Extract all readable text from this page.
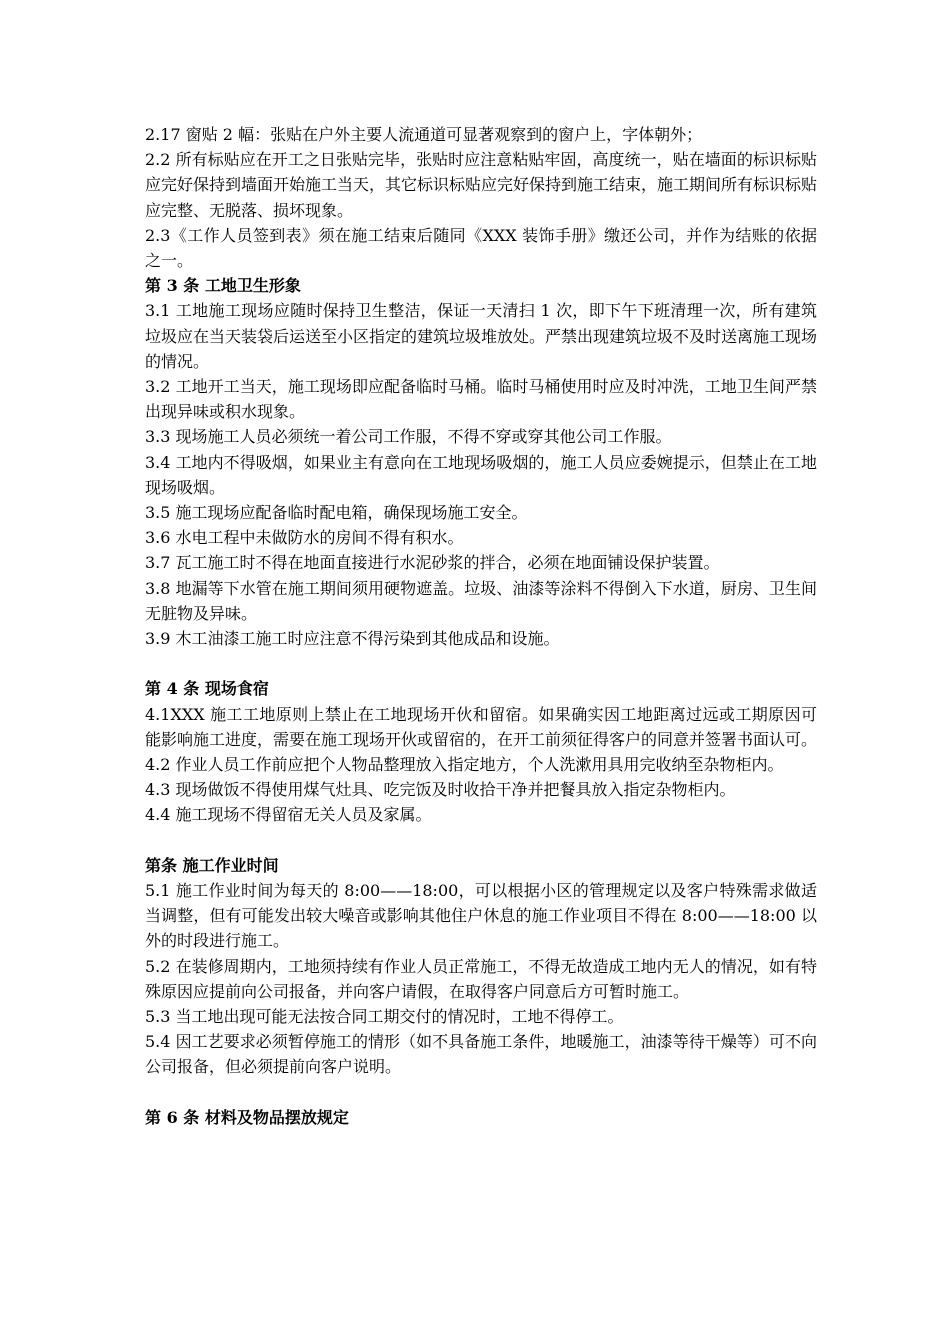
2.17 窗贴 2 幅：张贴在户外主要人流通道可显著观察到的窗户上，字体朝外；

2.2 所有标贴应在开工之日张贴完毕，张贴时应注意粘贴牢固，高度统一，贴在墙面的标识标贴应完好保持到墙面开始施工当天，其它标识标贴应完好保持到施工结束，施工期间所有标识标贴应完整、无脱落、损坏现象。

2.3《工作人员签到表》须在施工结束后随同《XXX 装饰手册》缴还公司，并作为结账的依据之一。

第 3 条 工地卫生形象

3.1 工地施工现场应随时保持卫生整洁，保证一天清扫 1 次，即下午下班清理一次，所有建筑垃圾应在当天装袋后运送至小区指定的建筑垃圾堆放处。严禁出现建筑垃圾不及时送离施工现场的情况。

3.2 工地开工当天，施工现场即应配备临时马桶。临时马桶使用时应及时冲洗，工地卫生间严禁出现异味或积水现象。

3.3 现场施工人员必须统一着公司工作服，不得不穿或穿其他公司工作服。

3.4 工地内不得吸烟，如果业主有意向在工地现场吸烟的，施工人员应委婉提示，但禁止在工地现场吸烟。

3.5 施工现场应配备临时配电箱，确保现场施工安全。

3.6 水电工程中未做防水的房间不得有积水。

3.7 瓦工施工时不得在地面直接进行水泥砂浆的拌合，必须在地面铺设保护装置。

3.8 地漏等下水管在施工期间须用硬物遮盖。垃圾、油漆等涂料不得倒入下水道，厨房、卫生间无脏物及异味。

3.9 木工油漆工施工时应注意不得污染到其他成品和设施。

第 4 条 现场食宿

4.1XXX 施工工地原则上禁止在工地现场开伙和留宿。如果确实因工地距离过远或工期原因可能影响施工进度，需要在施工现场开伙或留宿的，在开工前须征得客户的同意并签署书面认可。

4.2 作业人员工作前应把个人物品整理放入指定地方，个人洗漱用具用完收纳至杂物柜内。

4.3 现场做饭不得使用煤气灶具、吃完饭及时收拾干净并把餐具放入指定杂物柜内。

4.4 施工现场不得留宿无关人员及家属。

第条 施工作业时间

5.1 施工作业时间为每天的 8:00——18:00，可以根据小区的管理规定以及客户特殊需求做适当调整，但有可能发出较大噪音或影响其他住户休息的施工作业项目不得在 8:00——18:00 以外的时段进行施工。

5.2 在装修周期内，工地须持续有作业人员正常施工，不得无故造成工地内无人的情况，如有特殊原因应提前向公司报备，并向客户请假，在取得客户同意后方可暂时施工。

5.3 当工地出现可能无法按合同工期交付的情况时，工地不得停工。

5.4 因工艺要求必须暂停施工的情形（如不具备施工条件，地暖施工，油漆等待干燥等）可不向公司报备，但必须提前向客户说明。

第 6 条 材料及物品摆放规定
